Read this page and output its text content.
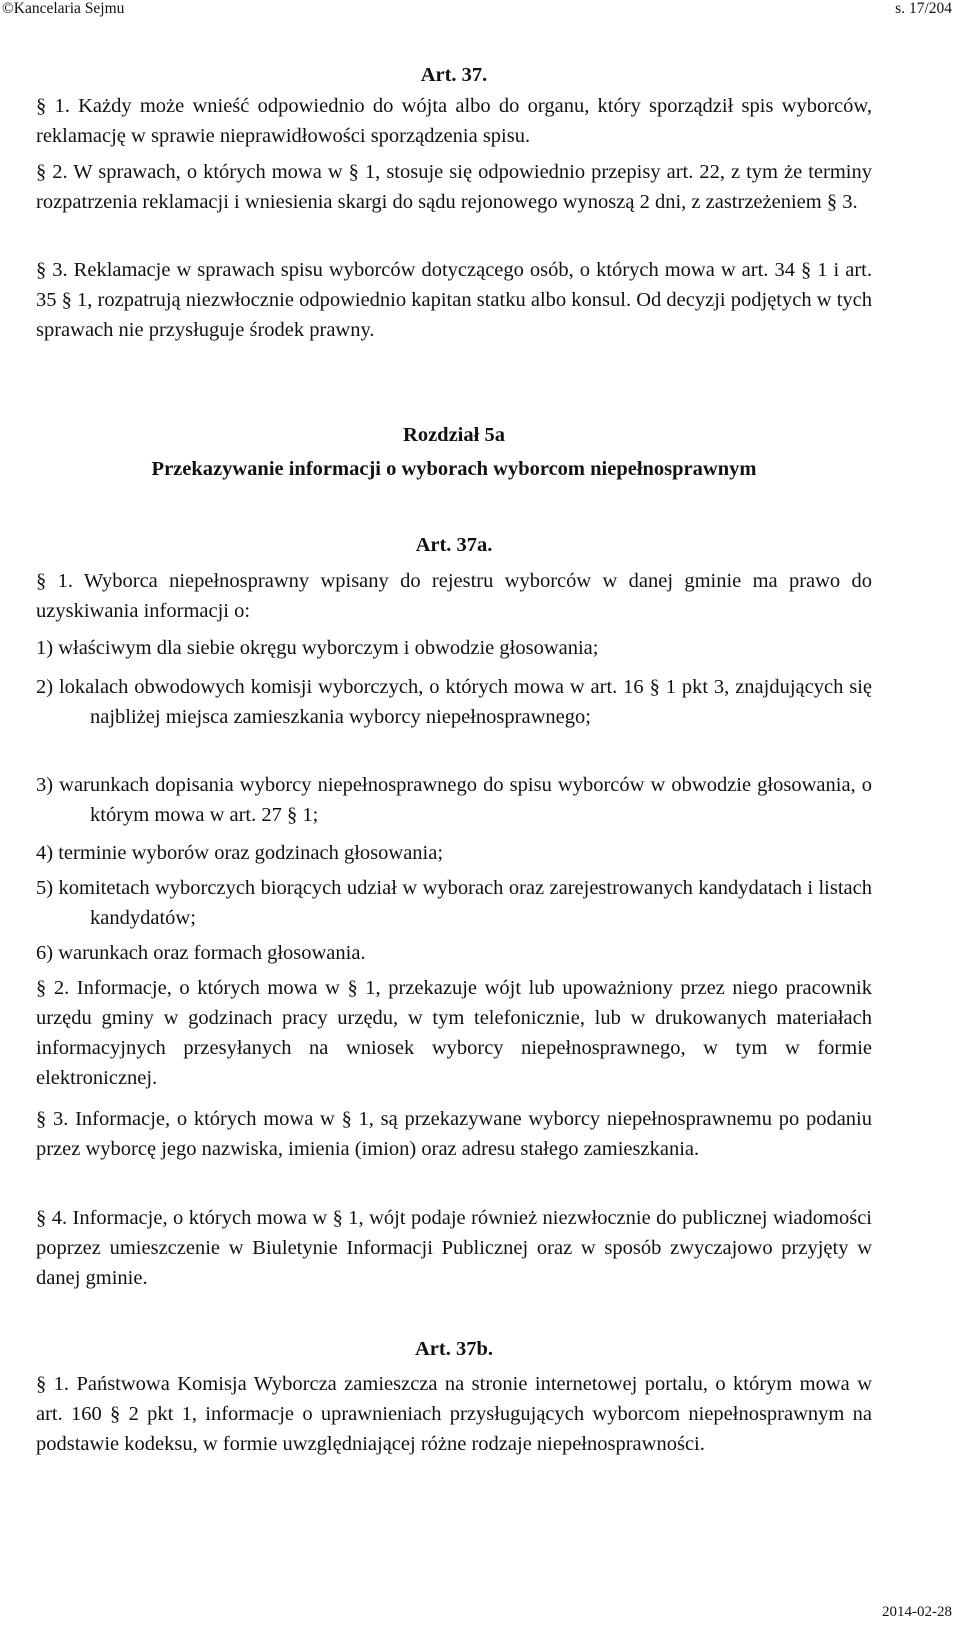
©Kancelaria Sejmu	s. 17/204
Art. 37.
§ 1. Każdy może wnieść odpowiednio do wójta albo do organu, który sporządził spis wyborców, reklamację w sprawie nieprawidłowości sporządzenia spisu.
§ 2. W sprawach, o których mowa w § 1, stosuje się odpowiednio przepisy art. 22, z tym że terminy rozpatrzenia reklamacji i wniesienia skargi do sądu rejonowego wynoszą 2 dni, z zastrzeżeniem § 3.
§ 3. Reklamacje w sprawach spisu wyborców dotyczącego osób, o których mowa w art. 34 § 1 i art. 35 § 1, rozpatrują niezwłocznie odpowiednio kapitan statku albo konsul. Od decyzji podjętych w tych sprawach nie przysługuje środek prawny.
Rozdział 5a
Przekazywanie informacji o wyborach wyborcom niepełnosprawnym
Art. 37a.
§ 1. Wyborca niepełnosprawny wpisany do rejestru wyborców w danej gminie ma prawo do uzyskiwania informacji o:
1) właściwym dla siebie okręgu wyborczym i obwodzie głosowania;
2) lokalach obwodowych komisji wyborczych, o których mowa w art. 16 § 1 pkt 3, znajdujących się najbliżej miejsca zamieszkania wyborcy niepełnosprawnego;
3) warunkach dopisania wyborcy niepełnosprawnego do spisu wyborców w obwodzie głosowania, o którym mowa w art. 27 § 1;
4) terminie wyborów oraz godzinach głosowania;
5) komitetach wyborczych biorących udział w wyborach oraz zarejestrowanych kandydatach i listach kandydatów;
6) warunkach oraz formach głosowania.
§ 2. Informacje, o których mowa w § 1, przekazuje wójt lub upoważniony przez niego pracownik urzędu gminy w godzinach pracy urzędu, w tym telefonicznie, lub w drukowanych materiałach informacyjnych przesyłanych na wniosek wyborcy niepełnosprawnego, w tym w formie elektronicznej.
§ 3. Informacje, o których mowa w § 1, są przekazywane wyborcy niepełnosprawnemu po podaniu przez wyborcę jego nazwiska, imienia (imion) oraz adresu stałego zamieszkania.
§ 4. Informacje, o których mowa w § 1, wójt podaje również niezwłocznie do publicznej wiadomości poprzez umieszczenie w Biuletynie Informacji Publicznej oraz w sposób zwyczajowo przyjęty w danej gminie.
Art. 37b.
§ 1. Państwowa Komisja Wyborcza zamieszcza na stronie internetowej portalu, o którym mowa w art. 160 § 2 pkt 1, informacje o uprawnieniach przysługujących wyborcom niepełnosprawnym na podstawie kodeksu, w formie uwzględniającej różne rodzaje niepełnosprawności.
2014-02-28
